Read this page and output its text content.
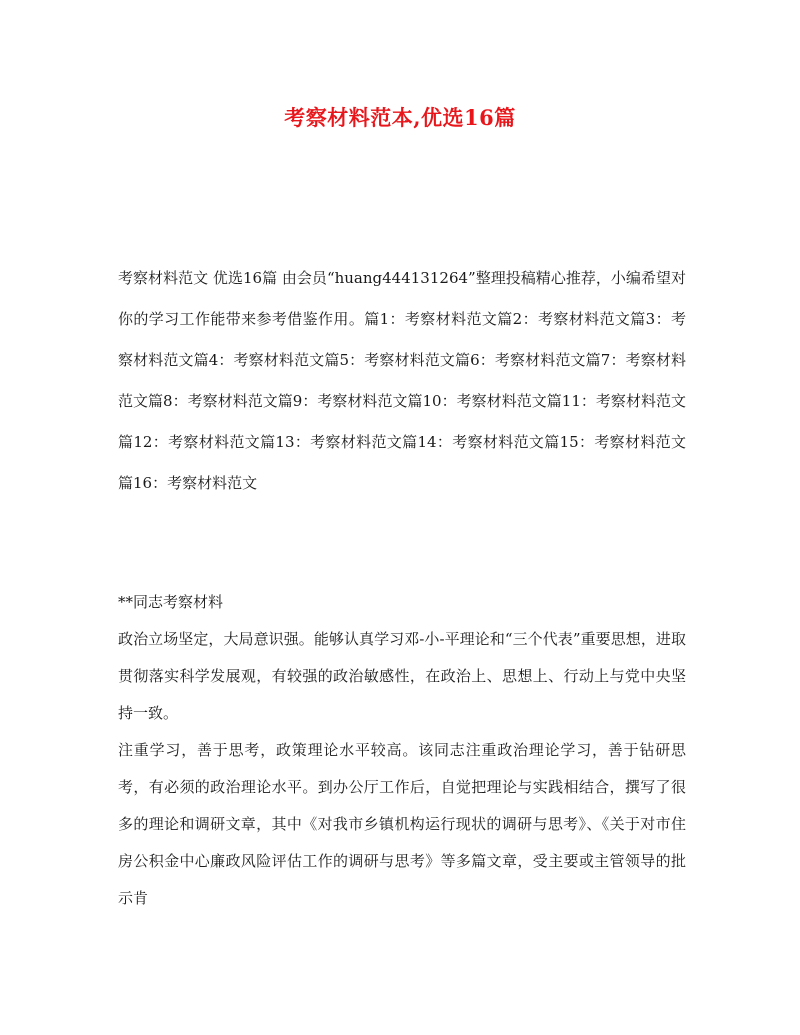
考察材料范本,优选16篇

考察材料范文 优选16篇 由会员“huang444131264”整理投稿精心推荐，小编希望对你的学习工作能带来参考借鉴作用。篇1：考察材料范文篇2：考察材料范文篇3：考察材料范文篇4：考察材料范文篇5：考察材料范文篇6：考察材料范文篇7：考察材料范文篇8：考察材料范文篇9：考察材料范文篇10：考察材料范文篇11：考察材料范文篇12：考察材料范文篇13：考察材料范文篇14：考察材料范文篇15：考察材料范文篇16：考察材料范文

**同志考察材料

政治立场坚定，大局意识强。能够认真学习邓-小-平理论和“三个代表”重要思想，进取贯彻落实科学发展观，有较强的政治敏感性，在政治上、思想上、行动上与党中央坚持一致。

注重学习，善于思考，政策理论水平较高。该同志注重政治理论学习，善于钻研思考，有必须的政治理论水平。到办公厅工作后，自觉把理论与实践相结合，撰写了很多的理论和调研文章，其中《对我市乡镇机构运行现状的调研与思考》、《关于对市住房公积金中心廉政风险评估工作的调研与思考》等多篇文章，受主要或主管领导的批示肯
